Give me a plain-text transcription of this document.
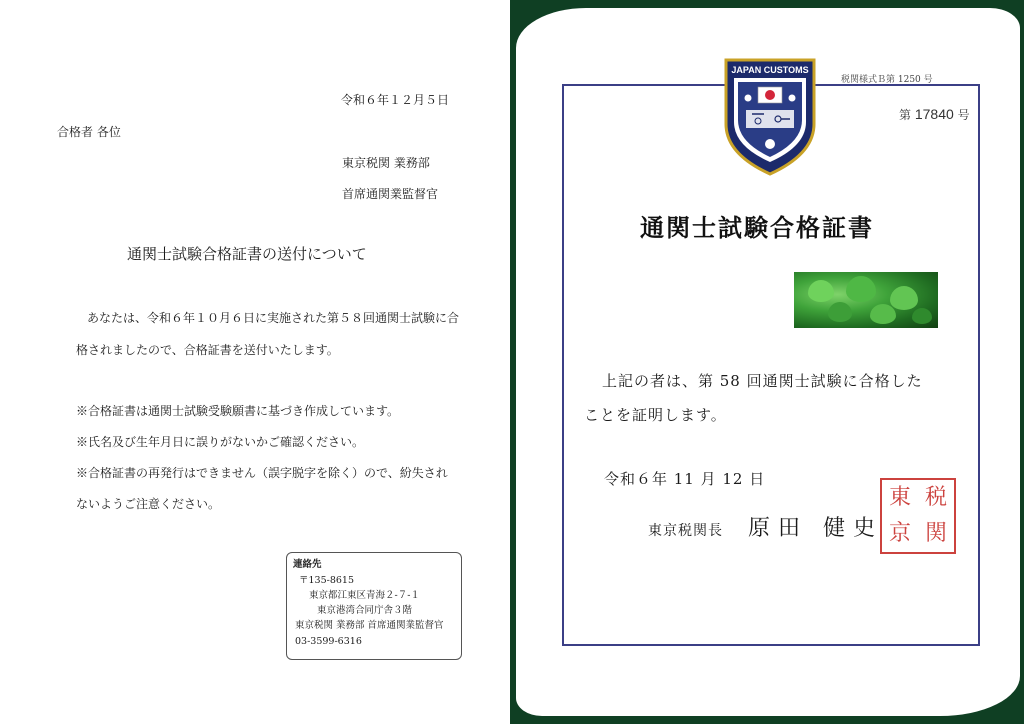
令和６年１２月５日
合格者 各位
東京税関 業務部
首席通関業監督官
通関士試験合格証書の送付について
あなたは、令和６年１０月６日に実施された第５８回通関士試験に合
格されましたので、合格証書を送付いたします。
※合格証書は通関士試験受験願書に基づき作成しています。
※氏名及び生年月日に誤りがないかご確認ください。
※合格証書の再発行はできません（誤字脱字を除く）ので、紛失され
ないようご注意ください。
連絡先
〒135-8615
東京都江東区青海２-７-１
東京港湾合同庁舎３階
東京税関 業務部 首席通関業監督官
03-3599-6316
JAPAN CUSTOMS
税関様式Ｂ第 1250 号
第 17840 号
通関士試験合格証書
上記の者は、第 58 回通関士試験に合格した
ことを証明します。
令和６年 11 月 12 日
東京税関長 原田 健史
東 税
京 関
